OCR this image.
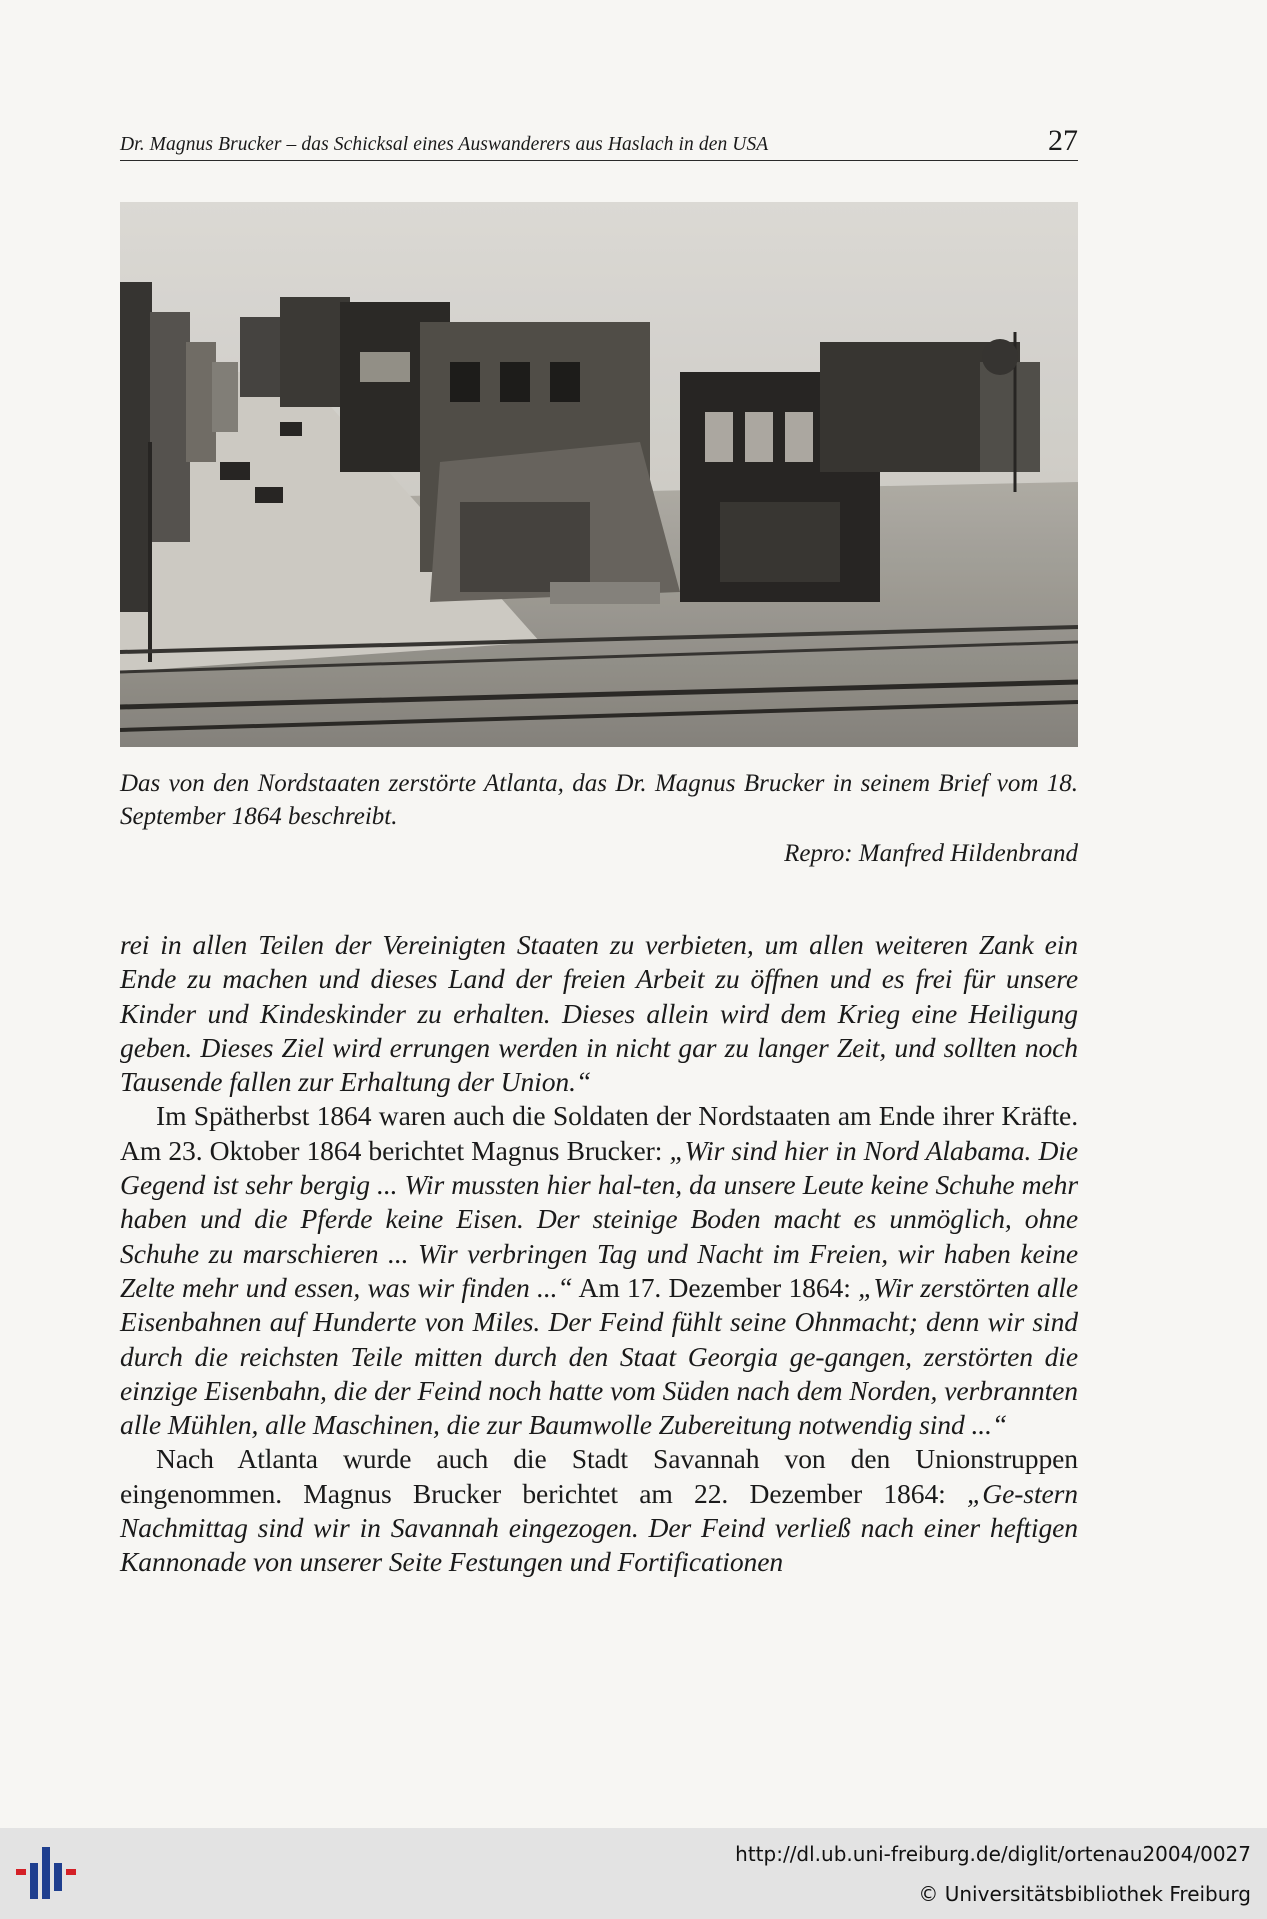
Dr. Magnus Brucker – das Schicksal eines Auswanderers aus Haslach in den USA	27

Das von den Nordstaaten zerstörte Atlanta, das Dr. Magnus Brucker in seinem Brief vom 18. September 1864 beschreibt.

Repro: Manfred Hildenbrand

rei in allen Teilen der Vereinigten Staaten zu verbieten, um allen weiteren Zank ein Ende zu machen und dieses Land der freien Arbeit zu öffnen und es frei für unsere Kinder und Kindeskinder zu erhalten. Dieses allein wird dem Krieg eine Heiligung geben. Dieses Ziel wird errungen werden in nicht gar zu langer Zeit, und sollten noch Tausende fallen zur Erhaltung der Union.“

Im Spätherbst 1864 waren auch die Soldaten der Nordstaaten am Ende ihrer Kräfte. Am 23. Oktober 1864 berichtet Magnus Brucker: „Wir sind hier in Nord Alabama. Die Gegend ist sehr bergig ... Wir mussten hier hal-ten, da unsere Leute keine Schuhe mehr haben und die Pferde keine Eisen. Der steinige Boden macht es unmöglich, ohne Schuhe zu marschieren ... Wir verbringen Tag und Nacht im Freien, wir haben keine Zelte mehr und essen, was wir finden ...“ Am 17. Dezember 1864: „Wir zerstörten alle Eisenbahnen auf Hunderte von Miles. Der Feind fühlt seine Ohnmacht; denn wir sind durch die reichsten Teile mitten durch den Staat Georgia ge-gangen, zerstörten die einzige Eisenbahn, die der Feind noch hatte vom Süden nach dem Norden, verbrannten alle Mühlen, alle Maschinen, die zur Baumwolle Zubereitung notwendig sind ...“

Nach Atlanta wurde auch die Stadt Savannah von den Unionstruppen eingenommen. Magnus Brucker berichtet am 22. Dezember 1864: „Ge-stern Nachmittag sind wir in Savannah eingezogen. Der Feind verließ nach einer heftigen Kannonade von unserer Seite Festungen und Fortificationen

http://dl.ub.uni-freiburg.de/diglit/ortenau2004/0027
© Universitätsbibliothek Freiburg
